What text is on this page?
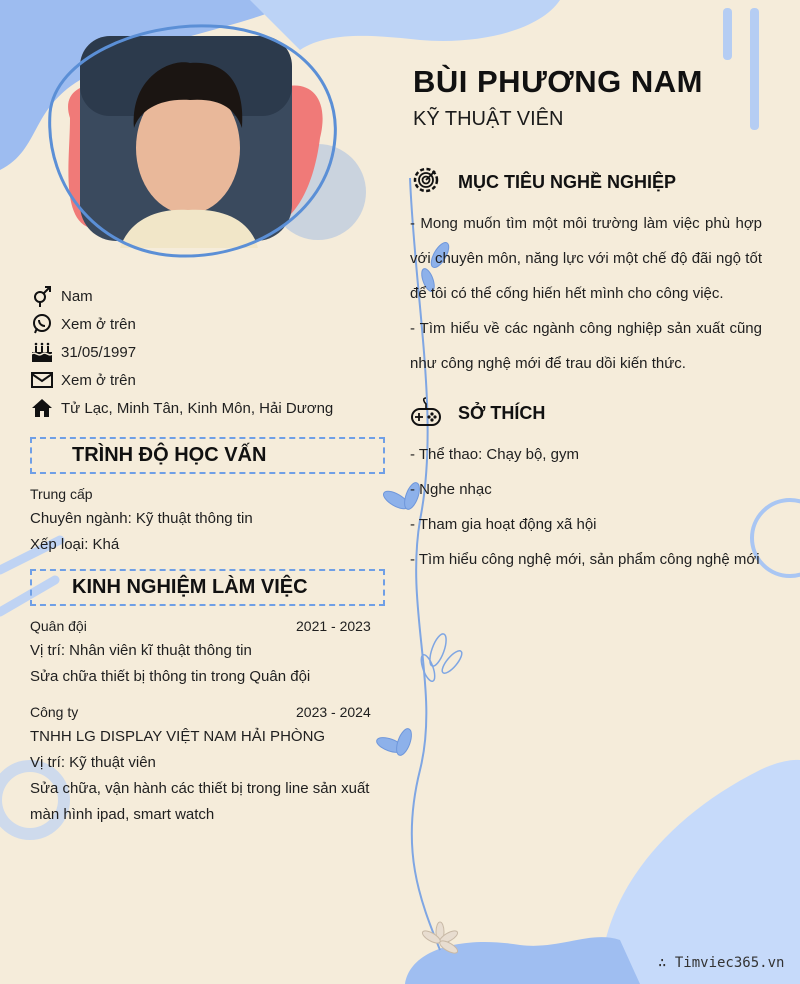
BÙI PHƯƠNG NAM
KỸ THUẬT VIÊN
Nam
Xem ở trên
31/05/1997
Xem ở trên
Tử Lạc, Minh Tân, Kinh Môn, Hải Dương
TRÌNH ĐỘ HỌC VẤN
Trung cấp
Chuyên ngành: Kỹ thuật thông tin
Xếp loại: Khá
KINH NGHIỆM LÀM VIỆC
Quân đội	2021 - 2023
Vị trí: Nhân viên kĩ thuật thông tin
Sửa chữa thiết bị thông tin trong Quân đội
Công ty	2023 - 2024
TNHH LG DISPLAY VIỆT NAM HẢI PHÒNG
Vị trí: Kỹ thuật viên
Sửa chữa, vận hành các thiết bị trong line sản xuất
màn hình ipad, smart watch
MỤC TIÊU NGHỀ NGHIỆP

- Mong muốn tìm một môi trường làm việc phù hợp với chuyên môn, năng lực với một chế độ đãi ngộ tốt để tôi có thể cống hiến hết mình cho công việc.

- Tìm hiểu về các ngành công nghiệp sản xuất cũng như công nghệ mới để trau dồi kiến thức.

SỞ THÍCH

- Thể thao: Chạy bộ, gym

- Nghe nhạc

- Tham gia hoạt động xã hội

- Tìm hiểu công nghệ mới, sản phẩm công nghệ mới

∴ Timviec365.vn
